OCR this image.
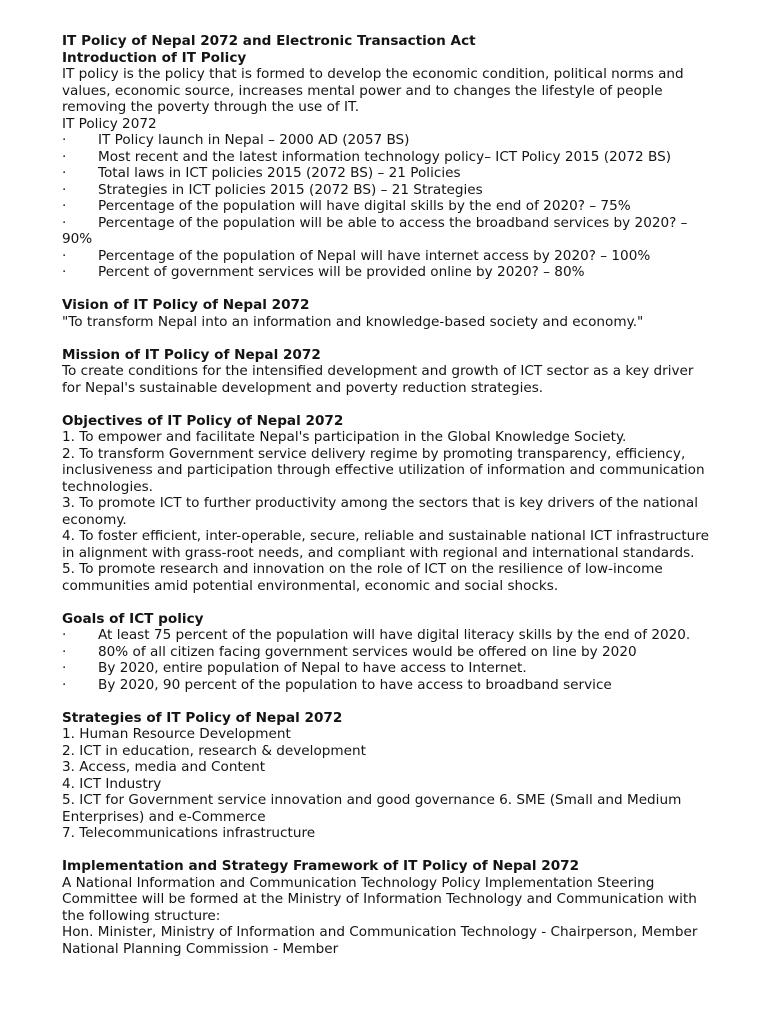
IT Policy of Nepal 2072 and Electronic Transaction Act

Introduction of IT Policy

IT policy is the policy that is formed to develop the economic condition, political norms and values, economic source, increases mental power and to changes the lifestyle of people removing the poverty through the use of IT.

IT Policy 2072

· IT Policy launch in Nepal – 2000 AD (2057 BS)

· Most recent and the latest information technology policy– ICT Policy 2015 (2072 BS)

· Total laws in ICT policies 2015 (2072 BS) – 21 Policies

· Strategies in ICT policies 2015 (2072 BS) – 21 Strategies

· Percentage of the population will have digital skills by the end of 2020? – 75%

· Percentage of the population will be able to access the broadband services by 2020? – 90%

· Percentage of the population of Nepal will have internet access by 2020? – 100%

· Percent of government services will be provided online by 2020? – 80%

Vision of IT Policy of Nepal 2072

"To transform Nepal into an information and knowledge-based society and economy."

Mission of IT Policy of Nepal 2072

To create conditions for the intensified development and growth of ICT sector as a key driver for Nepal's sustainable development and poverty reduction strategies.

Objectives of IT Policy of Nepal 2072

1. To empower and facilitate Nepal's participation in the Global Knowledge Society.

2. To transform Government service delivery regime by promoting transparency, efficiency, inclusiveness and participation through effective utilization of information and communication technologies.

3. To promote ICT to further productivity among the sectors that is key drivers of the national economy.

4. To foster efficient, inter-operable, secure, reliable and sustainable national ICT infrastructure in alignment with grass-root needs, and compliant with regional and international standards.

5. To promote research and innovation on the role of ICT on the resilience of low-income communities amid potential environmental, economic and social shocks.

Goals of ICT policy

· At least 75 percent of the population will have digital literacy skills by the end of 2020.

· 80% of all citizen facing government services would be offered on line by 2020

· By 2020, entire population of Nepal to have access to Internet.

· By 2020, 90 percent of the population to have access to broadband service

Strategies of IT Policy of Nepal 2072

1. Human Resource Development

2. ICT in education, research & development

3. Access, media and Content

4. ICT Industry

5. ICT for Government service innovation and good governance 6. SME (Small and Medium Enterprises) and e-Commerce

7. Telecommunications infrastructure

Implementation and Strategy Framework of IT Policy of Nepal 2072

A National Information and Communication Technology Policy Implementation Steering Committee will be formed at the Ministry of Information Technology and Communication with the following structure:

Hon. Minister, Ministry of Information and Communication Technology - Chairperson, Member National Planning Commission - Member
